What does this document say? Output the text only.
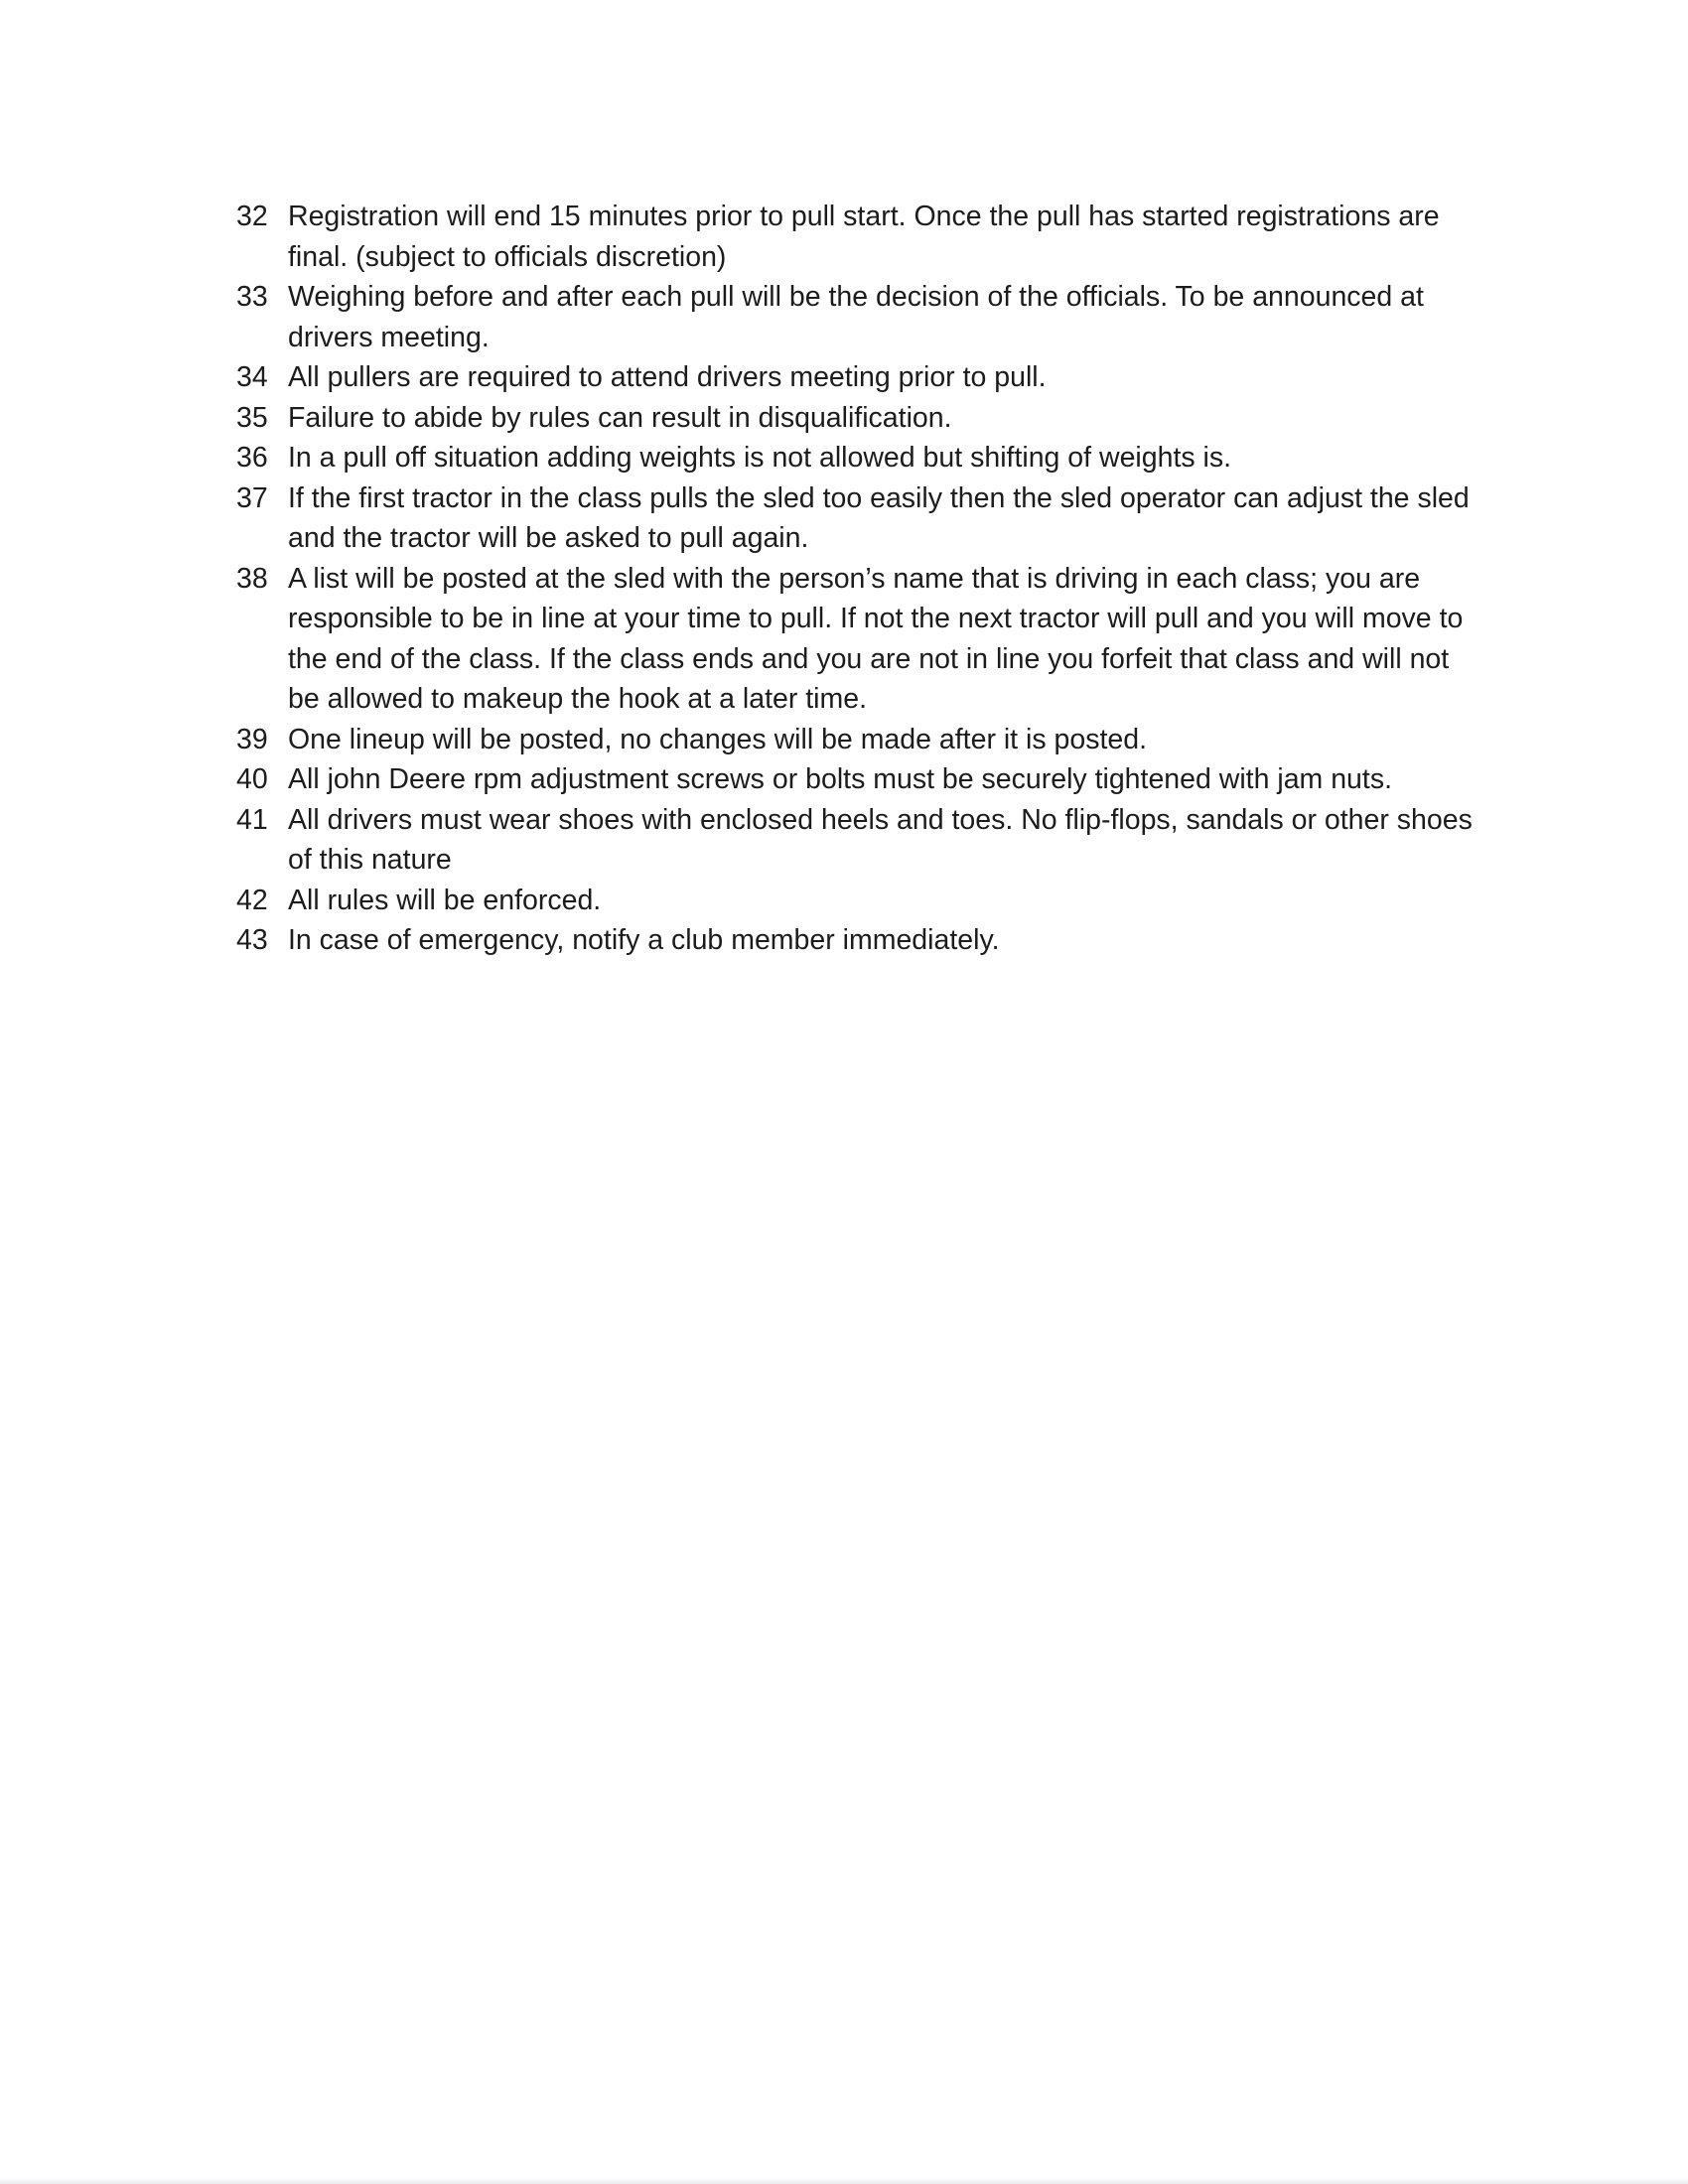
32 Registration will end 15 minutes prior to pull start. Once the pull has started registrations are final. (subject to officials discretion)
33 Weighing before and after each pull will be the decision of the officials. To be announced at drivers meeting.
34 All pullers are required to attend drivers meeting prior to pull.
35 Failure to abide by rules can result in disqualification.
36 In a pull off situation adding weights is not allowed but shifting of weights is.
37 If the first tractor in the class pulls the sled too easily then the sled operator can adjust the sled and the tractor will be asked to pull again.
38 A list will be posted at the sled with the person’s name that is driving in each class; you are responsible to be in line at your time to pull. If not the next tractor will pull and you will move to the end of the class. If the class ends and you are not in line you forfeit that class and will not be allowed to makeup the hook at a later time.
39 One lineup will be posted, no changes will be made after it is posted.
40 All john Deere rpm adjustment screws or bolts must be securely tightened with jam nuts.
41 All drivers must wear shoes with enclosed heels and toes. No flip-flops, sandals or other shoes of this nature
42 All rules will be enforced.
43 In case of emergency, notify a club member immediately.
